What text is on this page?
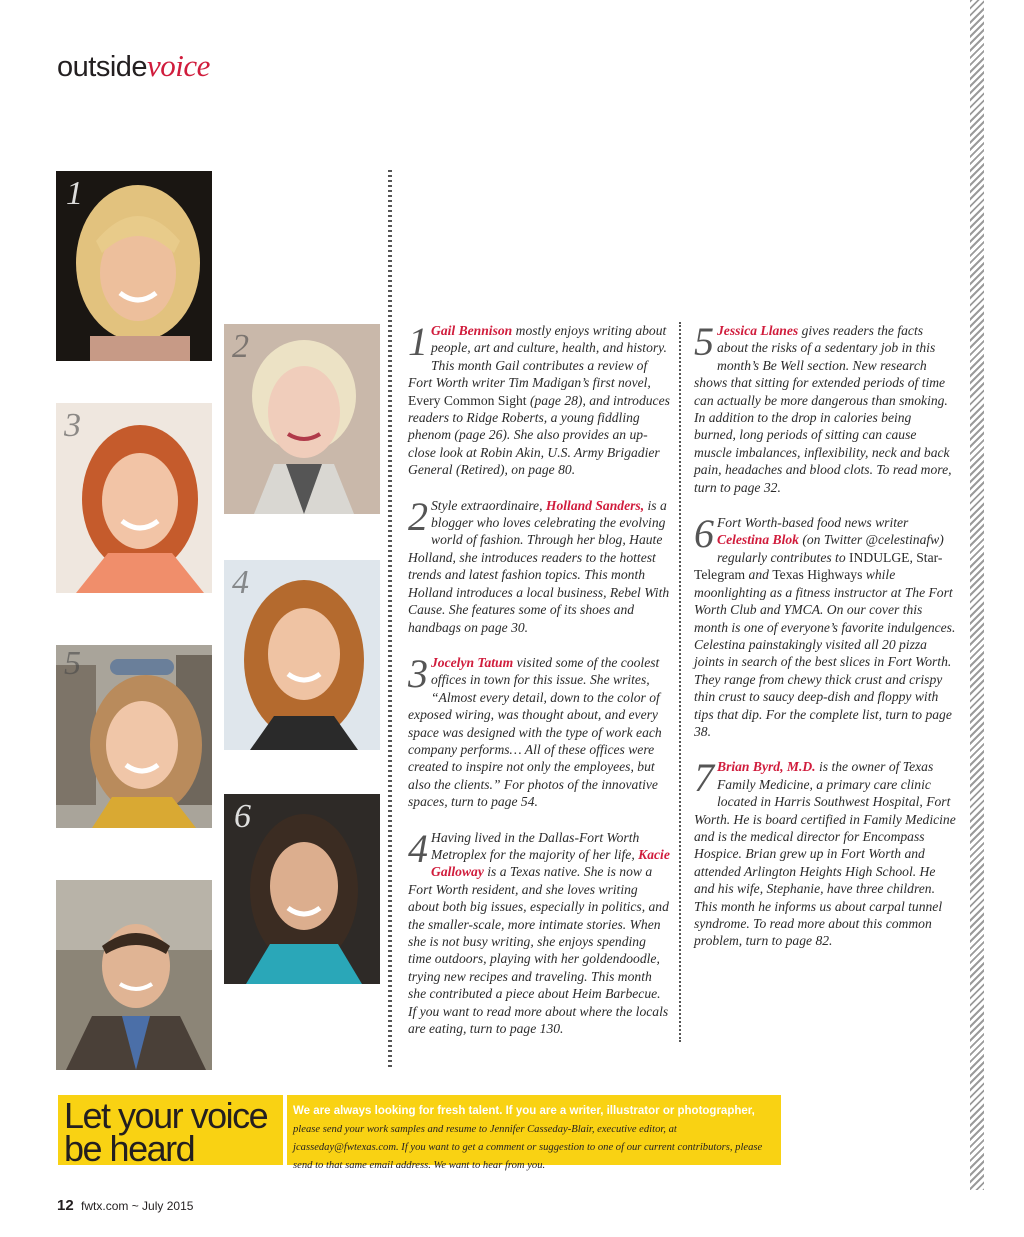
outsidevoice
1
2
3
4
5
6
1 Gail Bennison mostly enjoys writing about people, art and culture, health, and history. This month Gail contributes a review of Fort Worth writer Tim Madigan’s first novel, Every Common Sight (page 28), and introduces readers to Ridge Roberts, a young fiddling phenom (page 26). She also provides an up-close look at Robin Akin, U.S. Army Brigadier General (Retired), on page 80.
2 Style extraordinaire, Holland Sanders, is a blogger who loves celebrating the evolving world of fashion. Through her blog, Haute Holland, she introduces readers to the hottest trends and latest fashion topics. This month Holland introduces a local business, Rebel With Cause. She features some of its shoes and handbags on page 30.
3 Jocelyn Tatum visited some of the coolest offices in town for this issue. She writes, “Almost every detail, down to the color of exposed wiring, was thought about, and every space was designed with the type of work each company performs… All of these offices were created to inspire not only the employees, but also the clients.” For photos of the innovative spaces, turn to page 54.
4 Having lived in the Dallas-Fort Worth Metroplex for the majority of her life, Kacie Galloway is a Texas native. She is now a Fort Worth resident, and she loves writing about both big issues, especially in politics, and the smaller-scale, more intimate stories. When she is not busy writing, she enjoys spending time outdoors, playing with her goldendoodle, trying new recipes and traveling. This month she contributed a piece about Heim Barbecue. If you want to read more about where the locals are eating, turn to page 130.
5 Jessica Llanes gives readers the facts about the risks of a sedentary job in this month’s Be Well section. New research shows that sitting for extended periods of time can actually be more dangerous than smoking. In addition to the drop in calories being burned, long periods of sitting can cause muscle imbalances, inflexibility, neck and back pain, headaches and blood clots. To read more, turn to page 32.
6 Fort Worth-based food news writer Celestina Blok (on Twitter @celestinafw) regularly contributes to INDULGE, Star-Telegram and Texas Highways while moonlighting as a fitness instructor at The Fort Worth Club and YMCA. On our cover this month is one of everyone’s favorite indulgences. Celestina painstakingly visited all 20 pizza joints in search of the best slices in Fort Worth. They range from chewy thick crust and crispy thin crust to saucy deep-dish and floppy with tips that dip. For the complete list, turn to page 38.
7 Brian Byrd, M.D. is the owner of Texas Family Medicine, a primary care clinic located in Harris Southwest Hospital, Fort Worth. He is board certified in Family Medicine and is the medical director for Encompass Hospice. Brian grew up in Fort Worth and attended Arlington Heights High School. He and his wife, Stephanie, have three children. This month he informs us about carpal tunnel syndrome. To read more about this common problem, turn to page 82.
Let your voice
be heard
We are always looking for fresh talent. If you are a writer, illustrator or photographer, please send your work samples and resume to Jennifer Casseday-Blair, executive editor, at jcasseday@fwtexas.com. If you want to get a comment or suggestion to one of our current contributors, please send to that same email address. We want to hear from you.
12 fwtx.com ~ July 2015
